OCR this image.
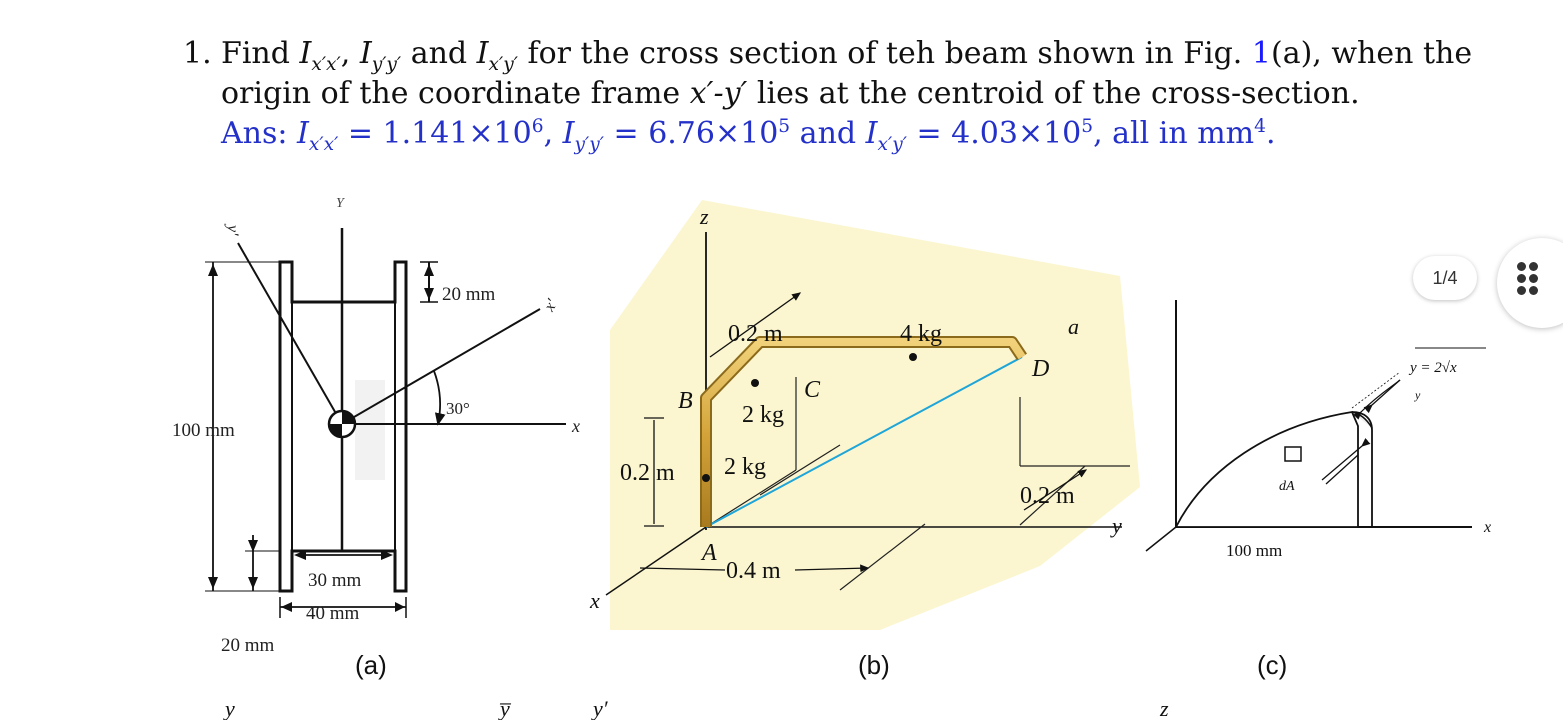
1. Find $I_{x'x'}$, $I_{y'y'}$ and $I_{x'y'}$ for the cross section of teh beam shown in Fig. 1(a), when the
origin of the coordinate frame x′-y′ lies at the centroid of the cross-section.
Ans: $I_{x'x'} = 1.141\times 10^6$, $I_{y'y'} = 6.76\times 10^5$ and $I_{x'y'} = 4.03\times 10^5$, all in $mm^4$.
20 mm
100 mm
30 mm
40 mm
20 mm
30°
x
x′
y′
Y
(a)
z
y
x
0.2 m	4 kg	a
D
C
B
2 kg
2 kg
0.2 m
0.2 m
A
0.4 m
(b)
y = 2√x
dA
100 mm
x
y
(c)
y	y̅	y′	z
1/4
